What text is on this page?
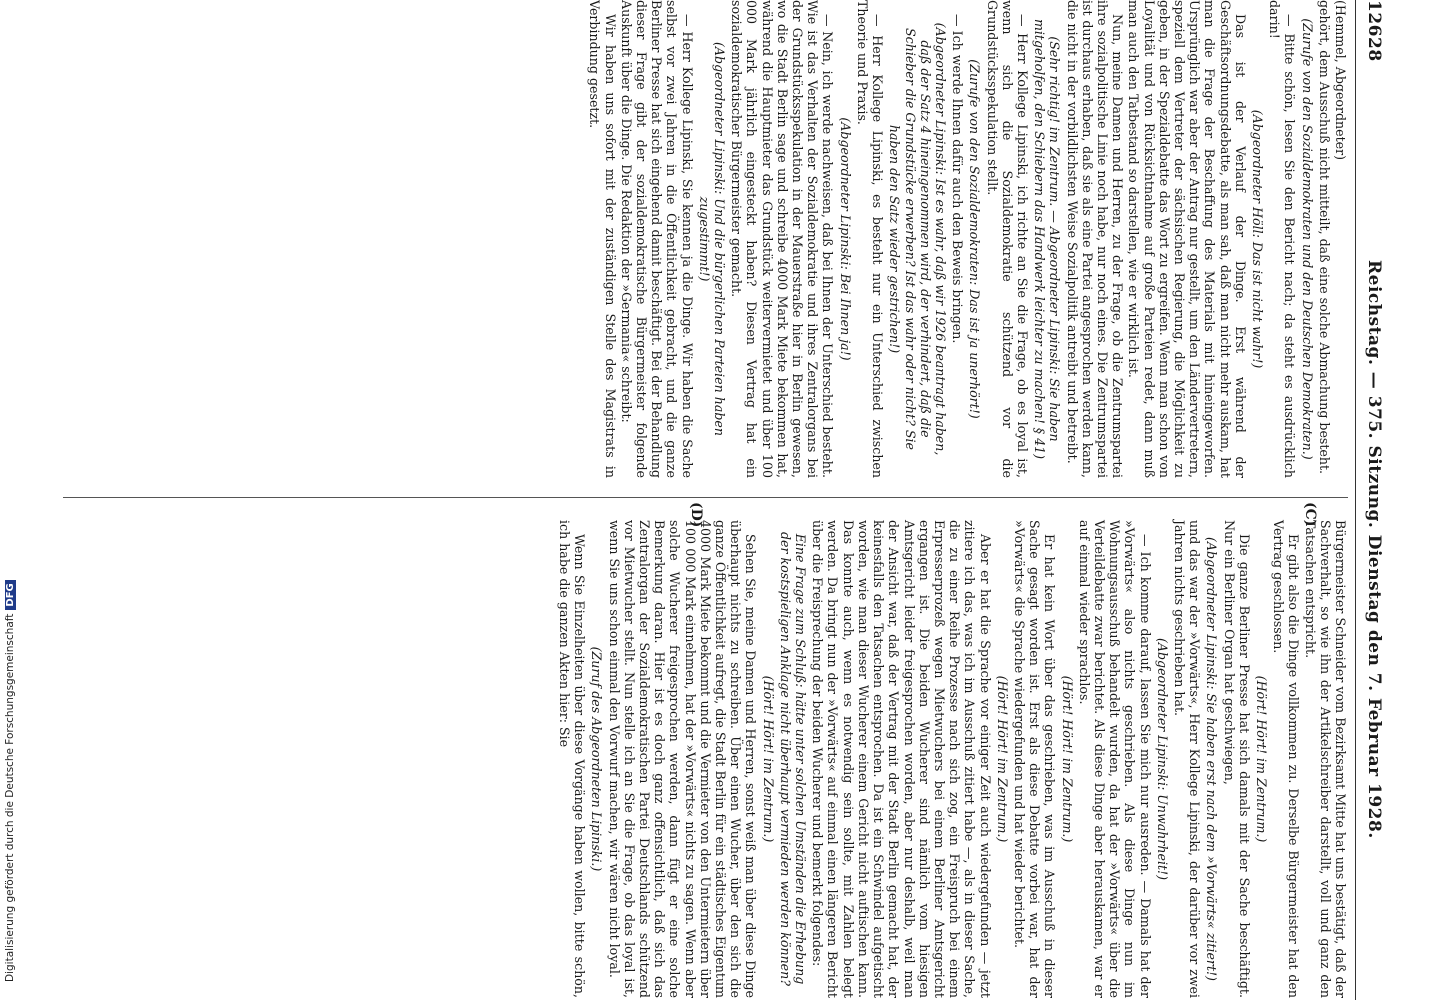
12628
Reichstag. — 375. Sitzung. Dienstag den 7. Februar 1928.

(Hemmel, Abgeordneter)

gehört, dem Ausschuß nicht mitteilt, daß eine solche Abmachung besteht.

(Zurufe von den Sozialdemokraten und den Deutschen Demokraten.)

— Bitte schön, lesen Sie den Bericht nach; da steht es ausdrücklich darin!

(Abgeordneter Höll: Das ist nicht wahr!)

Das ist der Verlauf der Dinge. Erst während der Geschäftsordnungsdebatte, als man sah, daß man nicht mehr auskam, hat man die Frage der Beschaffung des Materials mit hineingeworfen. Ursprünglich war aber der Antrag nur gestellt, um den Ländervertretern, speziell dem Vertreter der sächsischen Regierung, die Möglichkeit zu geben, in der Spezialdebatte das Wort zu ergreifen. Wenn man schon von Loyalität und von Rücksichtnahme auf große Parteien redet, dann muß man auch den Tatbestand so darstellen, wie er wirklich ist.

Nun, meine Damen und Herren, zu der Frage, ob die Zentrumspartei ihre sozialpolitische Linie noch habe, nur noch eines. Die Zentrumspartei ist durchaus erhaben, daß sie als eine Partei angesprochen werden kann, die nicht in der vorbildlichsten Weise Sozialpolitik antreibt und betreibt.

(Sehr richtig! im Zentrum. — Abgeordneter Lipinski: Sie haben mitgeholfen, den Schiebern das Handwerk leichter zu machen! § 41)

— Herr Kollege Lipinski, ich richte an Sie die Frage, ob es loyal ist, wenn sich die Sozialdemokratie schützend vor die Grundstücksspekulation stellt.

(Zurufe von den Sozialdemokraten: Das ist ja unerhört!)

— Ich werde Ihnen dafür auch den Beweis bringen.

(Abgeordneter Lipinski: Ist es wahr, daß wir 1926 beantragt haben, daß der Satz 4 hineingenommen wird, der verhindert, daß die Schieber die Grundstücke erwerben? Ist das wahr oder nicht? Sie haben den Satz wieder gestrichen!)

— Herr Kollege Lipinski, es besteht nur ein Unterschied zwischen Theorie und Praxis.

(Abgeordneter Lipinski: Bei Ihnen ja!)

— Nein, ich werde nachweisen, daß bei Ihnen der Unterschied besteht. Wie ist das Verhalten der Sozialdemokratie und ihres Zentralorgans bei der Grundstücksspekulation in der Mauerstraße hier in Berlin gewesen, wo die Stadt Berlin sage und schreibe 4000 Mark Miete bekommen hat, während die Hauptmieter das Grundstück weitervermietet und über 100 000 Mark jährlich eingesteckt haben? Diesen Vertrag hat ein sozialdemokratischer Bürgermeister gemacht.

(Abgeordneter Lipinski: Und die bürgerlichen Parteien haben zugestimmt!)

— Herr Kollege Lipinski, Sie kennen ja die Dinge. Wir haben die Sache selbst vor zwei Jahren in die Öffentlichkeit gebracht, und die ganze Berliner Presse hat sich eingehend damit beschäftigt. Bei der Behandlung dieser Frage gibt der sozialdemokratische Bürgermeister folgende Auskunft über die Dinge. Die Redaktion der »Germania« schreibt:

Wir haben uns sofort mit der zuständigen Stelle des Magistrats in Verbindung gesetzt.

Bürgermeister Schneider vom Bezirksamt Mitte hat uns bestätigt, daß der Sachverhalt, so wie ihn der Artikelschreiber darstellt, voll und ganz den Tatsachen entspricht.

Er gibt also die Dinge vollkommen zu. Derselbe Bürgermeister hat den Vertrag geschlossen.

(Hört! Hört! im Zentrum.)

Die ganze Berliner Presse hat sich damals mit der Sache beschäftigt. Nur ein Berliner Organ hat geschwiegen,

(Abgeordneter Lipinski: Sie haben erst nach dem »Vorwärts« zitiert!)

und das war der »Vorwärts«, Herr Kollege Lipinski, der darüber vor zwei Jahren nichts geschrieben hat.

(Abgeordneter Lipinski: Unwahrheit!)

— Ich komme darauf, lassen Sie mich nur ausreden. — Damals hat der »Vorwärts« also nichts geschrieben. Als diese Dinge nun im Wohnungsausschuß behandelt wurden, da hat der »Vorwärts« über die Verteildebatte zwar berichtet. Als diese Dinge aber herauskamen, war er auf einmal wieder sprachlos.

(Hört! Hört! im Zentrum.)

Er hat kein Wort über das geschrieben, was im Ausschuß in dieser Sache gesagt worden ist. Erst als diese Debatte vorbei war, hat der »Vorwärts« die Sprache wiedergefunden und hat wieder berichtet.

(Hört! Hört! im Zentrum.)

Aber er hat die Sprache vor einiger Zeit auch wiedergefunden — jetzt zitiere ich das, was ich im Ausschuß zitiert habe —, als in dieser Sache, die zu einer Reihe Prozesse nach sich zog, ein Freispruch bei einem Erpresserprozeß wegen Mietwuchers bei einem Berliner Amtsgericht ergangen ist. Die beiden Wucherer sind nämlich vom hiesigen Amtsgericht leider freigesprochen worden, aber nur deshalb, weil man der Ansicht war, daß der Vertrag mit der Stadt Berlin gemacht hat, der keinesfalls den Tatsachen entsprochen. Da ist ein Schwindel aufgetischt worden, wie man dieser Wucherer einem Gericht nicht auftischen kann. Das konnte auch, wenn es notwendig sein sollte, mit Zahlen belegt werden. Da bringt nun der »Vorwärts« auf einmal einen längeren Bericht über die Freisprechung der beiden Wucherer und bemerkt folgendes:

Eine Frage zum Schluß: hätte unter solchen Umständen die Erhebung der kostspieligen Anklage nicht überhaupt vermieden werden können?

(Hört! Hört! im Zentrum.)

Sehen Sie, meine Damen und Herren, sonst weiß man über diese Dinge überhaupt nichts zu schreiben. Über einen Wucher, über den sich die ganze Öffentlichkeit aufregt, die Stadt Berlin für ein städtisches Eigentum 4000 Mark Miete bekommt und die Vermieter von den Untermietern über 100 000 Mark einnehmen, hat der »Vorwärts« nichts zu sagen. Wenn aber solche Wucherer freigesprochen werden, dann fügt er eine solche Bemerkung daran. Hier ist es doch ganz offensichtlich, daß sich das Zentralorgan der Sozialdemokratischen Partei Deutschlands schützend vor Mietwucher stellt. Nun stelle ich an Sie die Frage, ob das loyal ist, wenn Sie uns schon einmal den Vorwurf machen, wir wären nicht loyal.

(Zuruf des Abgeordneten Lipinski.)

Wenn Sie Einzelheiten über diese Vorgänge haben wollen, bitte schön, ich habe die ganzen Akten hier: Sie

(C)
(D)
Digitalisierung gefördert durch die Deutsche ForschungsgemeinschaftDFG
